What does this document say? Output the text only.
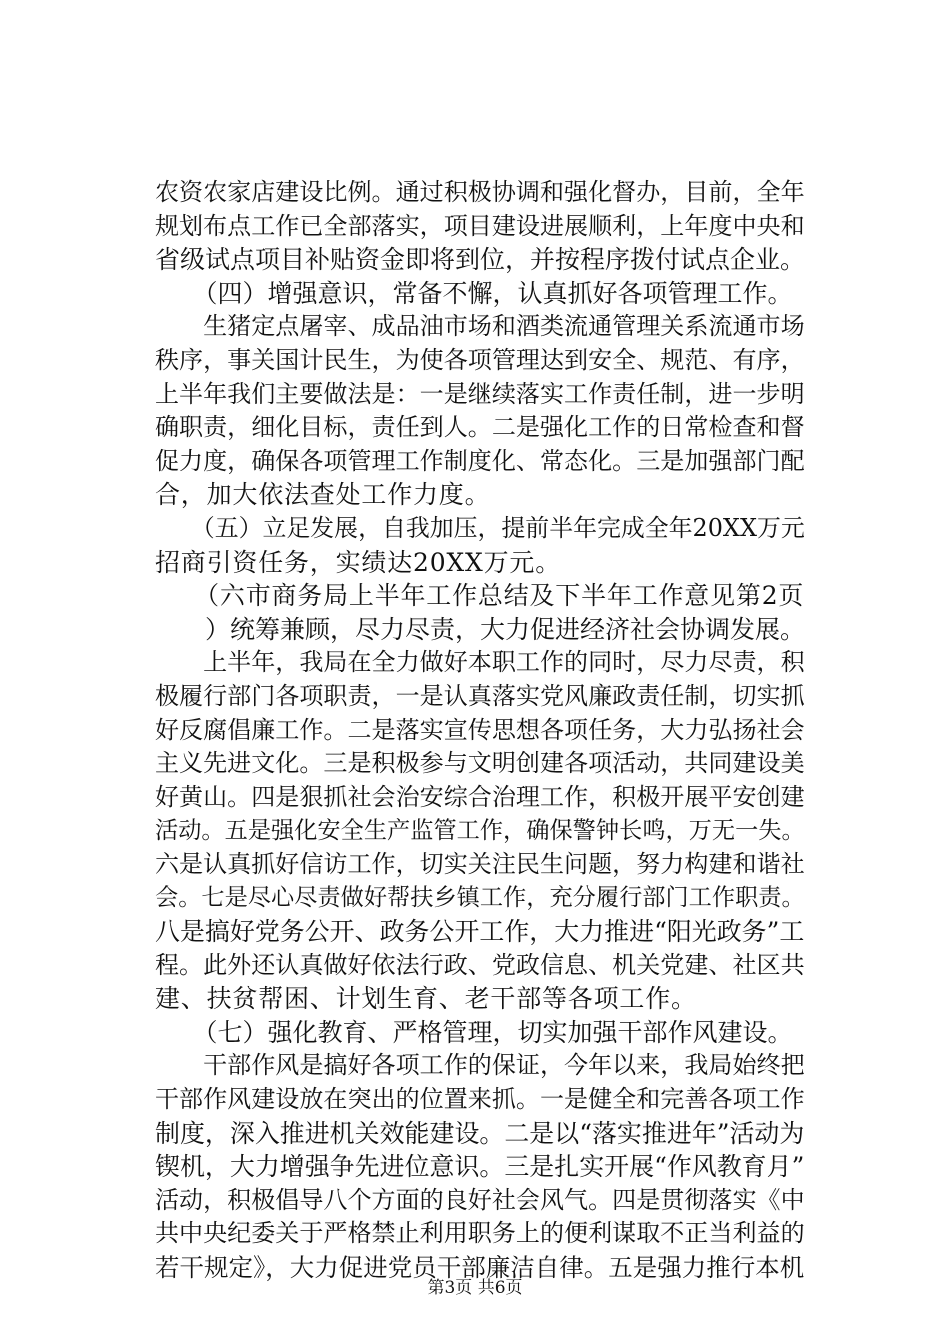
农资农家店建设比例。通过积极协调和强化督办，目前，全年
规划布点工作已全部落实，项目建设进展顺利，上年度中央和
省级试点项目补贴资金即将到位，并按程序拨付试点企业。
　　（四）增强意识，常备不懈，认真抓好各项管理工作。
　　生猪定点屠宰、成品油市场和酒类流通管理关系流通市场
秩序，事关国计民生，为使各项管理达到安全、规范、有序，
上半年我们主要做法是：一是继续落实工作责任制，进一步明
确职责，细化目标，责任到人。二是强化工作的日常检查和督
促力度，确保各项管理工作制度化、常态化。三是加强部门配
合，加大依法查处工作力度。
　　（五）立足发展，自我加压，提前半年完成全年20XX万元
招商引资任务，实绩达20XX万元。
　　（六市商务局上半年工作总结及下半年工作意见第2页
　　）统筹兼顾，尽力尽责，大力促进经济社会协调发展。
　　上半年，我局在全力做好本职工作的同时，尽力尽责，积
极履行部门各项职责，一是认真落实党风廉政责任制，切实抓
好反腐倡廉工作。二是落实宣传思想各项任务，大力弘扬社会
主义先进文化。三是积极参与文明创建各项活动，共同建设美
好黄山。四是狠抓社会治安综合治理工作，积极开展平安创建
活动。五是强化安全生产监管工作，确保警钟长鸣，万无一失。
六是认真抓好信访工作，切实关注民生问题，努力构建和谐社
会。七是尽心尽责做好帮扶乡镇工作，充分履行部门工作职责。
八是搞好党务公开、政务公开工作，大力推进“阳光政务”工
程。此外还认真做好依法行政、党政信息、机关党建、社区共
建、扶贫帮困、计划生育、老干部等各项工作。
　　（七）强化教育、严格管理，切实加强干部作风建设。
　　干部作风是搞好各项工作的保证，今年以来，我局始终把
干部作风建设放在突出的位置来抓。一是健全和完善各项工作
制度，深入推进机关效能建设。二是以“落实推进年”活动为
锲机，大力增强争先进位意识。三是扎实开展“作风教育月”
活动，积极倡导八个方面的良好社会风气。四是贯彻落实《中
共中央纪委关于严格禁止利用职务上的便利谋取不正当利益的
若干规定》，大力促进党员干部廉洁自律。五是强力推行本机
第3页 共6页
